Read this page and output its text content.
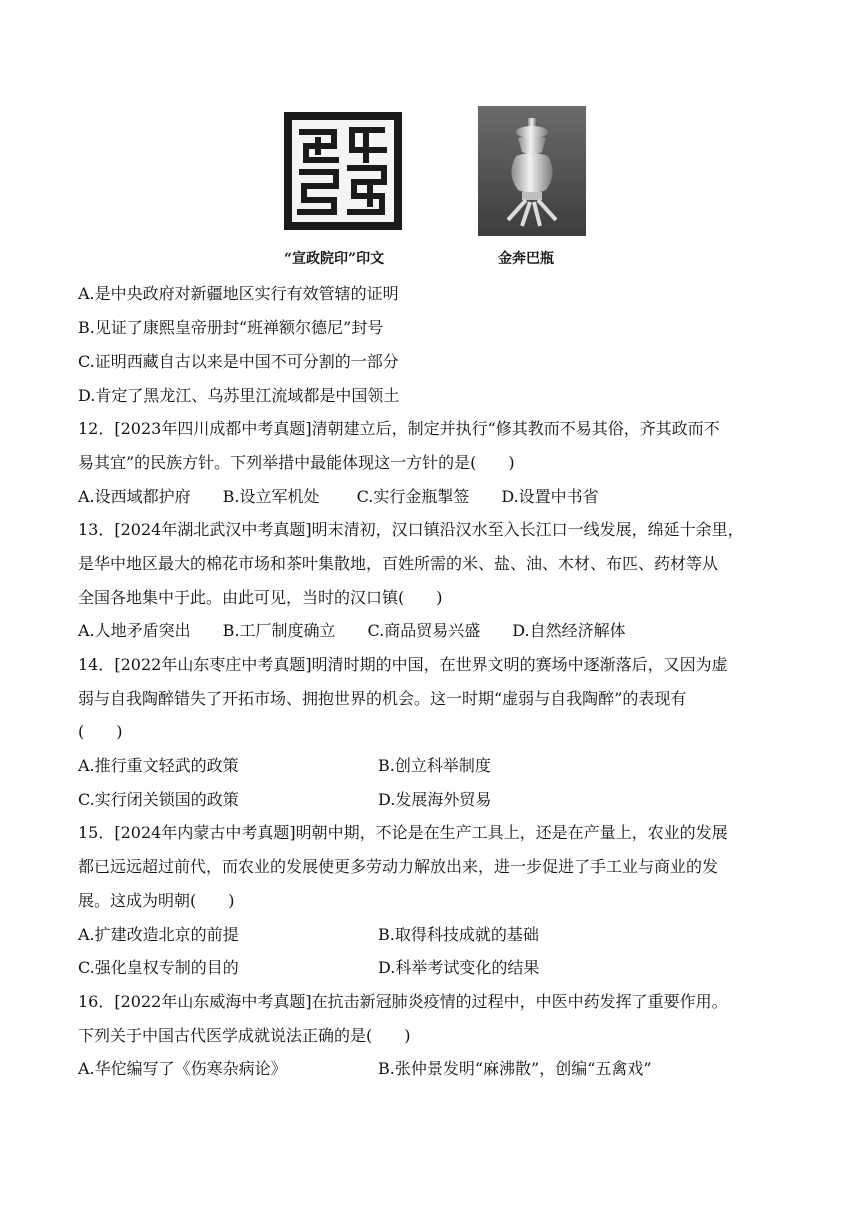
“宣政院印”印文	金奔巴瓶
A.是中央政府对新疆地区实行有效管辖的证明
B.见证了康熙皇帝册封“班禅额尔德尼”封号
C.证明西藏自古以来是中国不可分割的一部分
D.肯定了黑龙江、乌苏里江流域都是中国领土
12．[2023年四川成都中考真题]清朝建立后，制定并执行“修其教而不易其俗，齐其政而不
易其宜”的民族方针。下列举措中最能体现这一方针的是(　　)
A.设西域都护府　　B.设立军机处　　 C.实行金瓶掣签　　D.设置中书省
13．[2024年湖北武汉中考真题]明末清初，汉口镇沿汉水至入长江口一线发展，绵延十余里，
是华中地区最大的棉花市场和茶叶集散地，百姓所需的米、盐、油、木材、布匹、药材等从
全国各地集中于此。由此可见，当时的汉口镇(　　)
A.人地矛盾突出　　B.工厂制度确立　　C.商品贸易兴盛　　D.自然经济解体
14．[2022年山东枣庄中考真题]明清时期的中国，在世界文明的赛场中逐渐落后，又因为虚
弱与自我陶醉错失了开拓市场、拥抱世界的机会。这一时期“虚弱与自我陶醉”的表现有
(　　)
A.推行重文轻武的政策	B.创立科举制度
C.实行闭关锁国的政策	D.发展海外贸易
15．[2024年内蒙古中考真题]明朝中期，不论是在生产工具上，还是在产量上，农业的发展
都已远远超过前代，而农业的发展使更多劳动力解放出来，进一步促进了手工业与商业的发
展。这成为明朝(　　)
A.扩建改造北京的前提	B.取得科技成就的基础
C.强化皇权专制的目的	D.科举考试变化的结果
16．[2022年山东威海中考真题]在抗击新冠肺炎疫情的过程中，中医中药发挥了重要作用。
下列关于中国古代医学成就说法正确的是(　　)
A.华佗编写了《伤寒杂病论》	B.张仲景发明“麻沸散”，创编“五禽戏”
